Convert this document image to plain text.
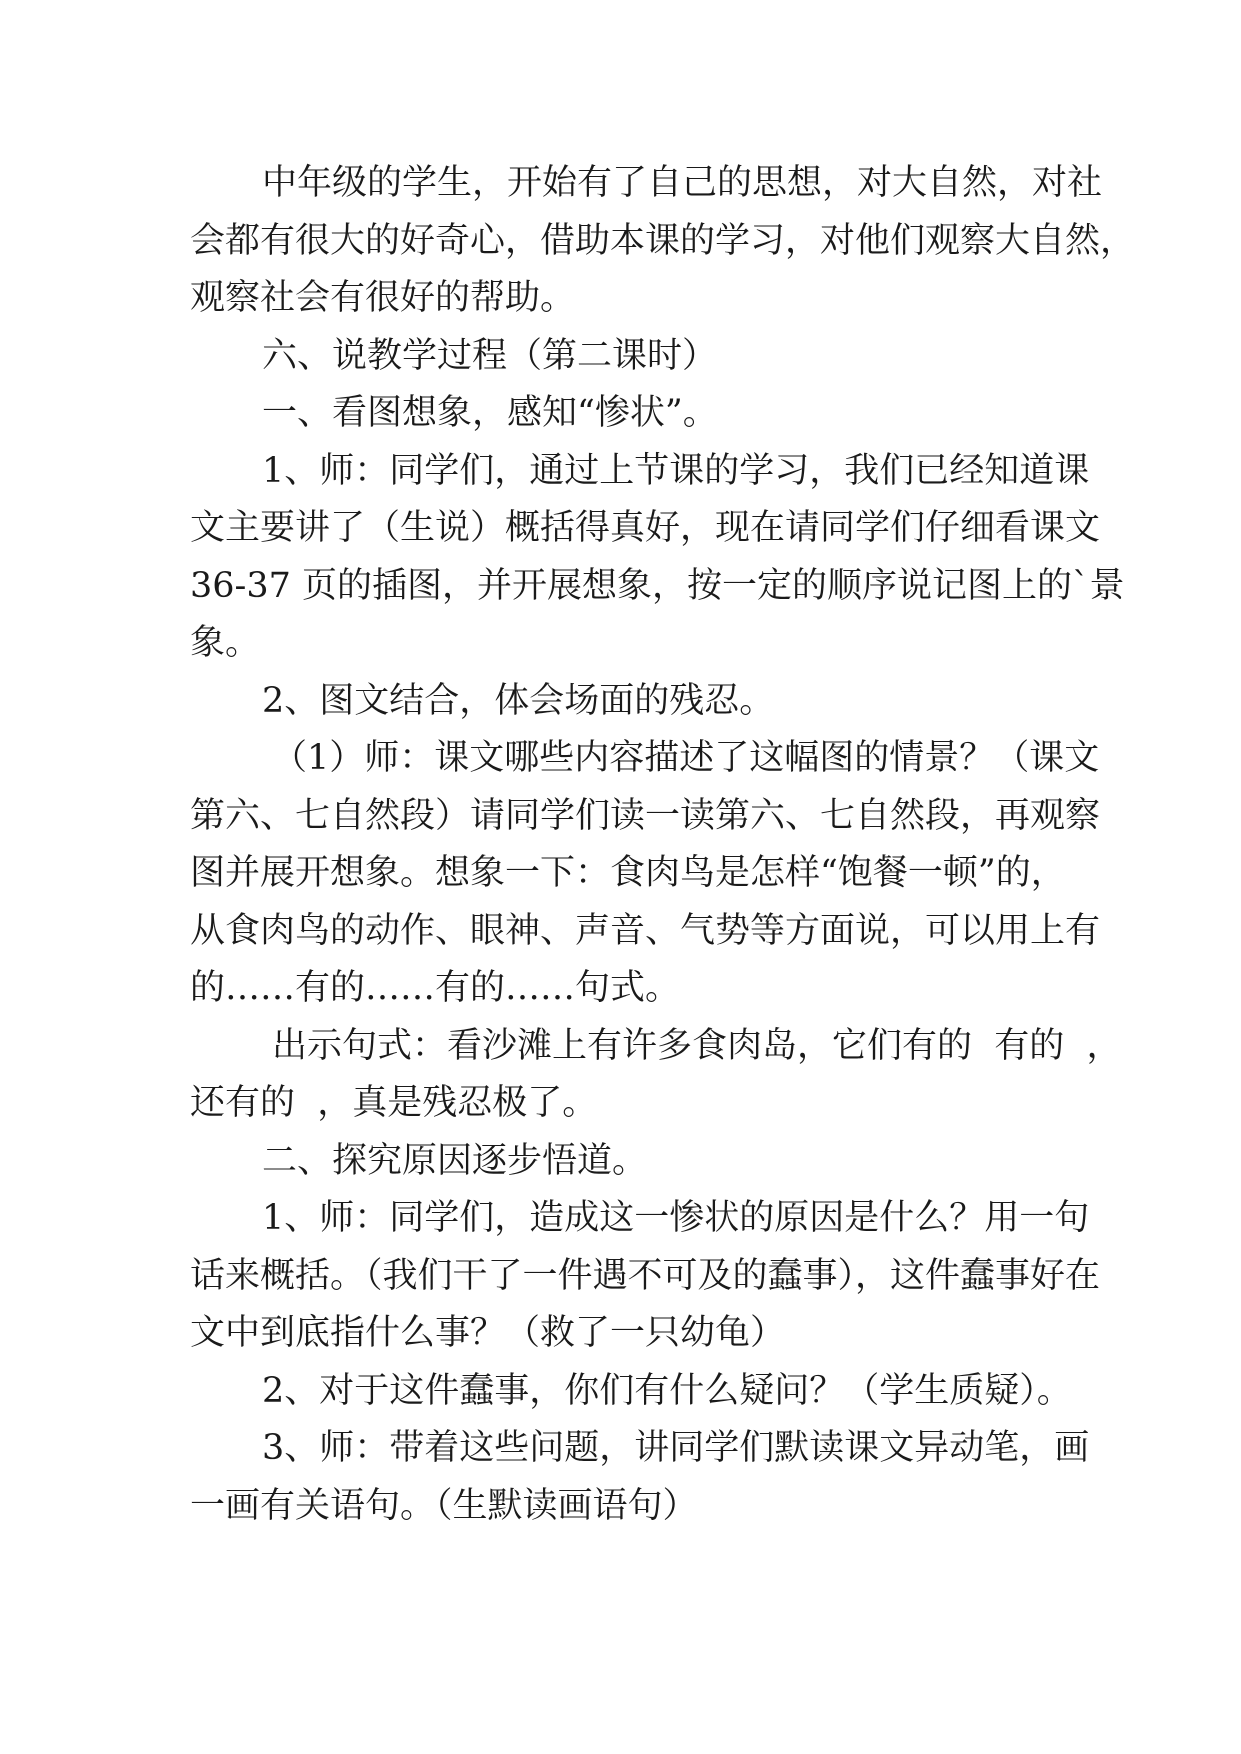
中年级的学生，开始有了自己的思想，对大自然，对社
会都有很大的好奇心，借助本课的学习，对他们观察大自然，
观察社会有很好的帮助。
六、说教学过程（第二课时）
一、看图想象，感知“惨状”。
1、师：同学们，通过上节课的学习，我们已经知道课
文主要讲了（生说）概括得真好，现在请同学们仔细看课文
36-37 页的插图，并开展想象，按一定的顺序说记图上的`景
象。
2、图文结合，体会场面的残忍。
（1）师：课文哪些内容描述了这幅图的情景？（课文
第六、七自然段）请同学们读一读第六、七自然段，再观察
图并展开想象。想象一下：食肉鸟是怎样“饱餐一顿”的，
从食肉鸟的动作、眼神、声音、气势等方面说，可以用上有
的……有的……有的……句式。
出示句式：看沙滩上有许多食肉岛，它们有的  有的  ，
还有的  ，真是残忍极了。
二、探究原因逐步悟道。
1、师：同学们，造成这一惨状的原因是什么？用一句
话来概括。（我们干了一件遇不可及的蠢事），这件蠢事好在
文中到底指什么事？（救了一只幼龟）
2、对于这件蠢事，你们有什么疑问？（学生质疑）。
3、师：带着这些问题，讲同学们默读课文异动笔，画
一画有关语句。（生默读画语句）
